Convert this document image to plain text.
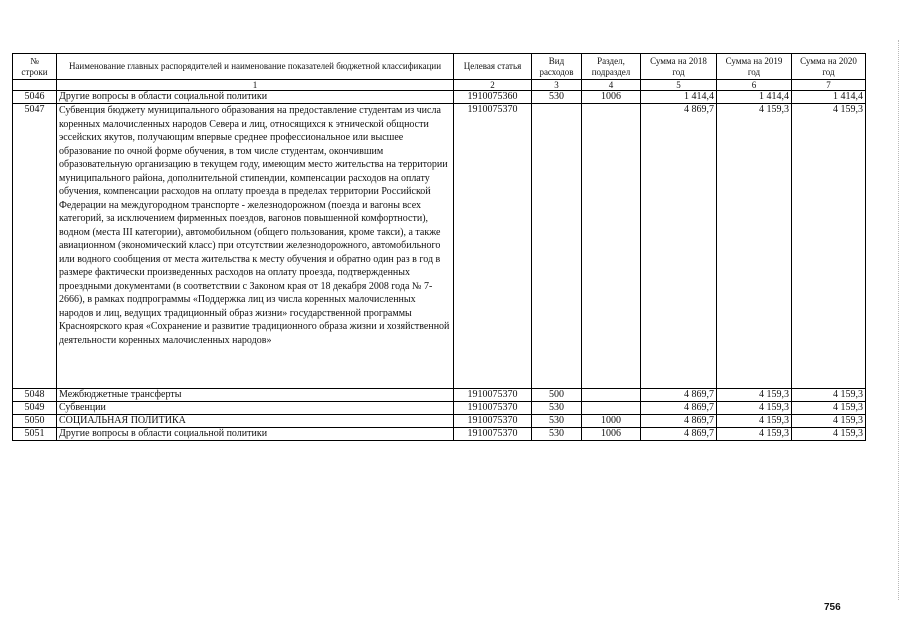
№
строки	Наименование главных распорядителей и наименование показателей бюджетной классификации	Целевая статья	Вид расходов	Раздел, подраздел	Сумма на 2018 год	Сумма на 2019 год	Сумма на 2020 год
	1	2	3	4	5	6	7
5046	Другие вопросы в области социальной политики	1910075360	530	1006	1 414,4	1 414,4	1 414,4
5047	Субвенция бюджету муниципального образования на предоставление студентам из числа коренных малочисленных народов Севера и лиц, относящихся к этнической общности эссейских якутов, получающим впервые среднее профессиональное или высшее образование по очной форме обучения, в том числе студентам, окончившим образовательную организацию в текущем году, имеющим место жительства на территории муниципального района, дополнительной стипендии, компенсации расходов на оплату обучения, компенсации расходов на оплату проезда в пределах территории Российской Федерации на междугородном транспорте - железнодорожном (поезда и вагоны всех категорий, за исключением фирменных поездов, вагонов повышенной комфортности), водном (места III категории), автомобильном (общего пользования, кроме такси), а также авиационном (экономический класс) при отсутствии железнодорожного, автомобильного или водного сообщения от места жительства к месту обучения и обратно один раз в год в размере фактически произведенных расходов на оплату проезда, подтвержденных проездными документами (в соответствии с Законом края от 18 декабря 2008 года № 7-2666), в рамках подпрограммы «Поддержка лиц из числа коренных малочисленных народов и лиц, ведущих традиционный образ жизни» государственной программы Красноярского края «Сохранение и развитие традиционного образа жизни и хозяйственной деятельности коренных малочисленных народов»	1910075370			4 869,7	4 159,3	4 159,3
5048	Межбюджетные трансферты	1910075370	500		4 869,7	4 159,3	4 159,3
5049	Субвенции	1910075370	530		4 869,7	4 159,3	4 159,3
5050	СОЦИАЛЬНАЯ ПОЛИТИКА	1910075370	530	1000	4 869,7	4 159,3	4 159,3
5051	Другие вопросы в области социальной политики	1910075370	530	1006	4 869,7	4 159,3	4 159,3
756
